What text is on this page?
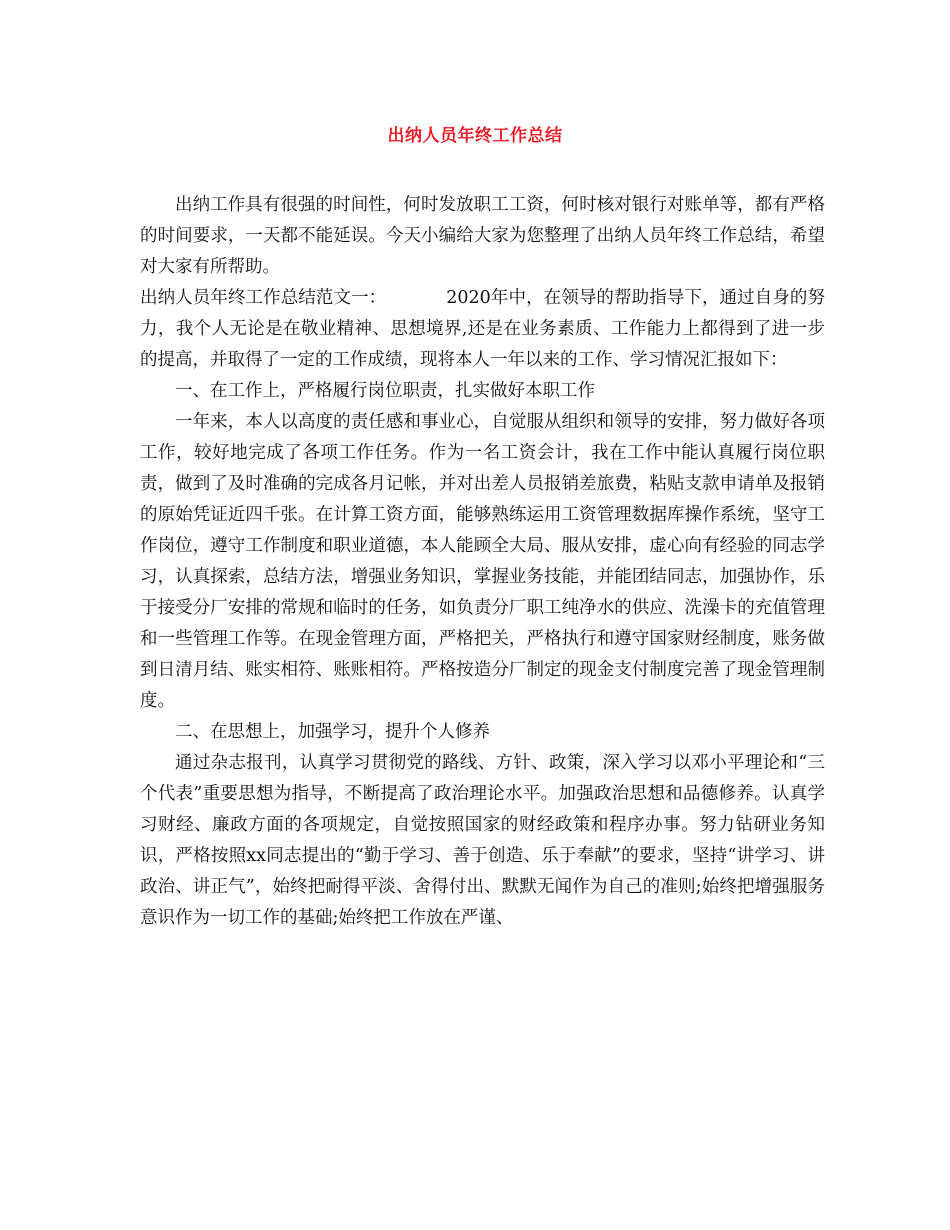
出纳人员年终工作总结

出纳工作具有很强的时间性，何时发放职工工资，何时核对银行对账单等，都有严格的时间要求，一天都不能延误。今天小编给大家为您整理了出纳人员年终工作总结，希望对大家有所帮助。

出纳人员年终工作总结范文一：	2020年中，在领导的帮助指导下，通过自身的努力，我个人无论是在敬业精神、思想境界,还是在业务素质、工作能力上都得到了进一步的提高，并取得了一定的工作成绩，现将本人一年以来的工作、学习情况汇报如下：

一、在工作上，严格履行岗位职责，扎实做好本职工作

一年来，本人以高度的责任感和事业心，自觉服从组织和领导的安排，努力做好各项工作，较好地完成了各项工作任务。作为一名工资会计，我在工作中能认真履行岗位职责，做到了及时准确的完成各月记帐，并对出差人员报销差旅费，粘贴支款申请单及报销的原始凭证近四千张。在计算工资方面，能够熟练运用工资管理数据库操作系统，坚守工作岗位，遵守工作制度和职业道德，本人能顾全大局、服从安排，虚心向有经验的同志学习，认真探索，总结方法，增强业务知识，掌握业务技能，并能团结同志，加强协作，乐于接受分厂安排的常规和临时的任务，如负责分厂职工纯净水的供应、洗澡卡的充值管理和一些管理工作等。在现金管理方面，严格把关，严格执行和遵守国家财经制度，账务做到日清月结、账实相符、账账相符。严格按造分厂制定的现金支付制度完善了现金管理制度。

二、在思想上，加强学习，提升个人修养

通过杂志报刊，认真学习贯彻党的路线、方针、政策，深入学习以邓小平理论和“三个代表”重要思想为指导，不断提高了政治理论水平。加强政治思想和品德修养。认真学习财经、廉政方面的各项规定，自觉按照国家的财经政策和程序办事。努力钻研业务知识，严格按照xx同志提出的“勤于学习、善于创造、乐于奉献”的要求，坚持“讲学习、讲政治、讲正气”，始终把耐得平淡、舍得付出、默默无闻作为自己的准则;始终把增强服务意识作为一切工作的基础;始终把工作放在严谨、
